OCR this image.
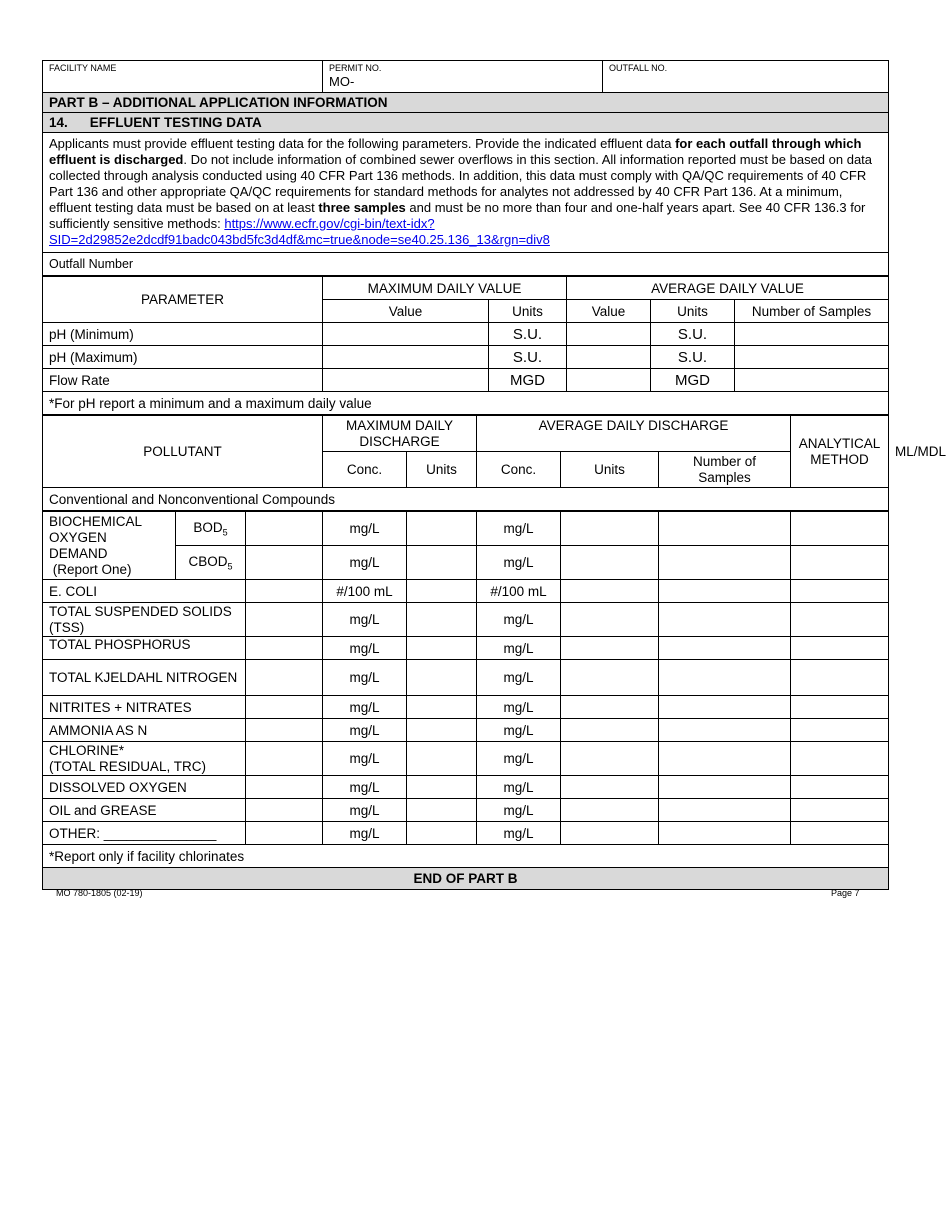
FACILITY NAME	PERMIT NO.
MO-

OUTFALL NO.

PART B – ADDITIONAL APPLICATION INFORMATION
14. EFFLUENT TESTING DATA
Applicants must provide effluent testing data for the following parameters. Provide the indicated effluent data for each outfall through which effluent is discharged. Do not include information of combined sewer overflows in this section. All information reported must be based on data collected through analysis conducted using 40 CFR Part 136 methods. In addition, this data must comply with QA/QC requirements of 40 CFR Part 136 and other appropriate QA/QC requirements for standard methods for analytes not addressed by 40 CFR Part 136. At a minimum, effluent testing data must be based on at least three samples and must be no more than four and one-half years apart. See 40 CFR 136.3 for sufficiently sensitive methods: https://www.ecfr.gov/cgi-bin/text-idx?SID=2d29852e2dcdf91badc043bd5fc3d4df&mc=true&node=se40.25.136_13&rgn=div8
Outfall Number
PARAMETER	MAXIMUM DAILY VALUE		AVERAGE DAILY VALUE		
	Value	Units	Value	Units	Number of Samples
pH (Minimum)		S.U.		S.U.	
pH (Maximum)		S.U.		S.U.	
Flow Rate		MGD		MGD	
*For pH report a minimum and a maximum daily value					
POLLUTANT	MAXIMUM DAILY DISCHARGE		AVERAGE DAILY DISCHARGE			ANALYTICAL METHOD	ML/MDL
	Conc.	Units	Conc.	Units	Number of Samples		
Conventional and Nonconventional Compounds							
BIOCHEMICAL OXYGEN DEMAND
(Report One)	$BOD_5$		mg/L		mg/L			
	$CBOD_5$		mg/L		mg/L			
E. COLI			#/100 mL		#/100 mL			
TOTAL SUSPENDED SOLIDS (TSS)			mg/L		mg/L			
TOTAL PHOSPHORUS			mg/L		mg/L			
TOTAL KJELDAHL NITROGEN			mg/L		mg/L			
NITRITES + NITRATES			mg/L		mg/L			
AMMONIA AS N			mg/L		mg/L			
CHLORINE*
(TOTAL RESIDUAL, TRC)			mg/L		mg/L			
DISSOLVED OXYGEN			mg/L		mg/L			
OIL and GREASE			mg/L		mg/L			
OTHER: _______________			mg/L		mg/L			
*Report only if facility chlorinates								
END OF PART B								
MO 780-1805 (02-19)	Page 7
